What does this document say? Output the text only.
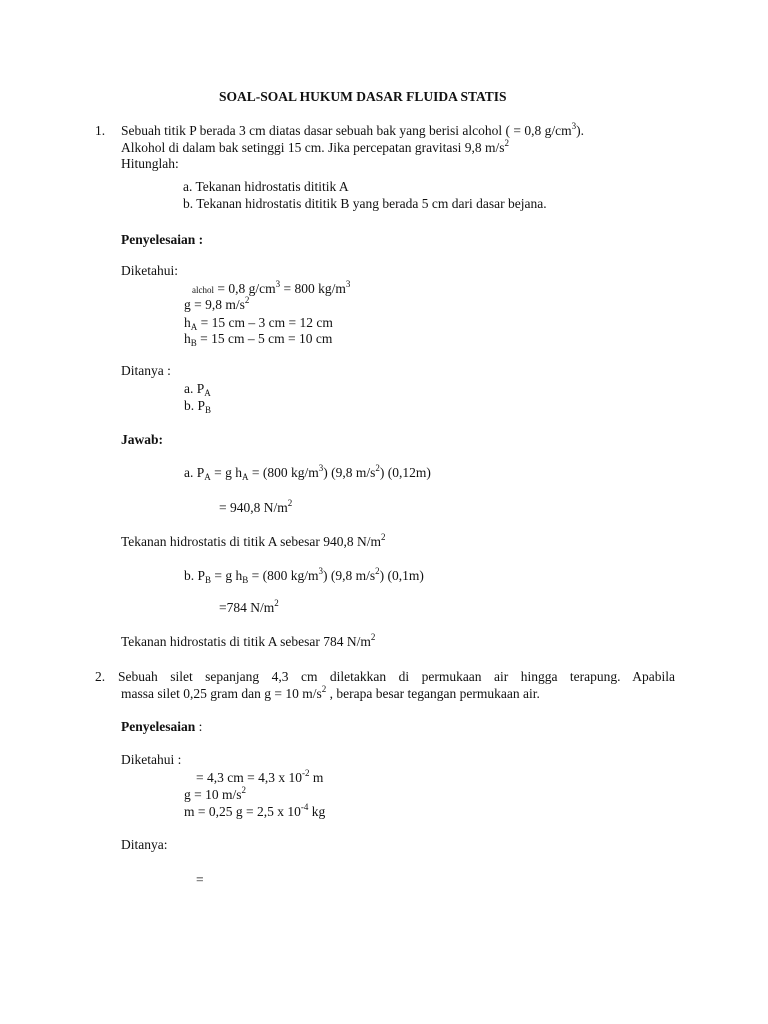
SOAL-SOAL HUKUM DASAR FLUIDA STATIS
1. Sebuah titik P berada 3 cm diatas dasar sebuah bak yang berisi alcohol ( = 0,8 $g/cm^3$).
Alkohol di dalam bak setinggi 15 cm. Jika percepatan gravitasi 9,8 $m/s^2$
Hitunglah:
a. Tekanan hidrostatis dititik A
b. Tekanan hidrostatis dititik B yang berada 5 cm dari dasar bejana.
Penyelesaian :
Diketahui:
alchol = 0,8 $g/cm^3 = 800$ $kg/m^3$
g = 9,8 $m/s^2$
$h_A = 15$ cm – 3 cm = 12 cm
$h_B = 15$ cm – 5 cm = 10 cm
Ditanya :
a. $P_A$
b. $P_B$
Jawab:
a. $P_A = g$ $h_A = (800$ $kg/m^3$) (9,8 $m/s^2$) (0,12m)
= 940,8 $N/m^2$
Tekanan hidrostatis di titik A sebesar 940,8 $N/m^2$
b. $P_B = g$ $h_B = (800$ $kg/m^3$) (9,8 $m/s^2$) (0,1m)
=784 $N/m^2$
Tekanan hidrostatis di titik A sebesar 784 $N/m^2$
2. Sebuah silet sepanjang 4,3 cm diletakkan di permukaan air hingga terapung. Apabila
massa silet 0,25 gram dan g = 10 $m/s^2$ , berapa besar tegangan permukaan air.
Penyelesaian :
Diketahui :
= 4,3 cm = 4,3 x $10^{-2}$ m
g = 10 $m/s^2$
m = 0,25 g = 2,5 x $10^{-4}$ kg
Ditanya:
=
